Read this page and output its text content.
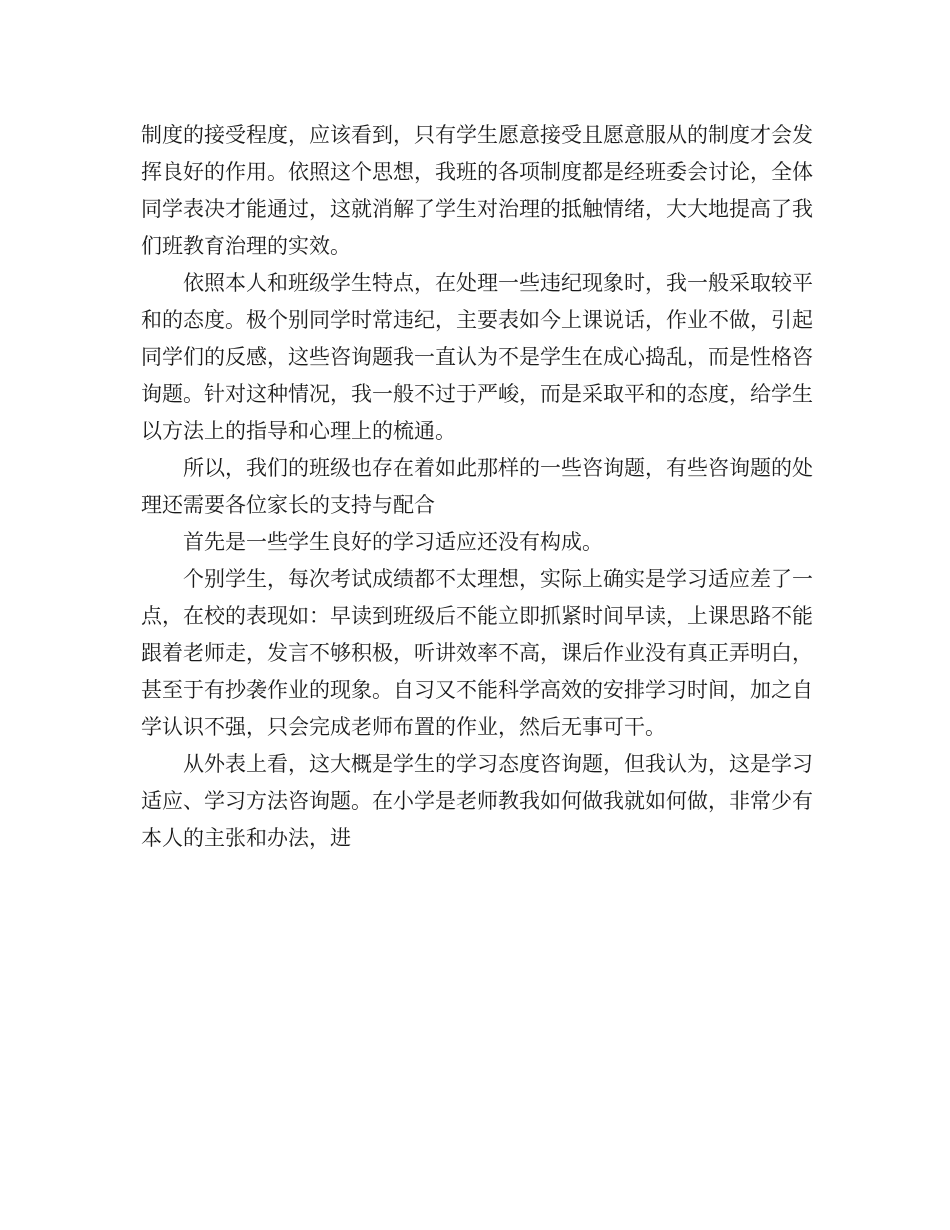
制度的接受程度，应该看到，只有学生愿意接受且愿意服从的制度才会发挥良好的作用。依照这个思想，我班的各项制度都是经班委会讨论，全体同学表决才能通过，这就消解了学生对治理的抵触情绪，大大地提高了我们班教育治理的实效。

依照本人和班级学生特点，在处理一些违纪现象时，我一般采取较平和的态度。极个别同学时常违纪，主要表如今上课说话，作业不做，引起同学们的反感，这些咨询题我一直认为不是学生在成心捣乱，而是性格咨询题。针对这种情况，我一般不过于严峻，而是采取平和的态度，给学生以方法上的指导和心理上的梳通。

所以，我们的班级也存在着如此那样的一些咨询题，有些咨询题的处理还需要各位家长的支持与配合

首先是一些学生良好的学习适应还没有构成。

个别学生，每次考试成绩都不太理想，实际上确实是学习适应差了一点，在校的表现如：早读到班级后不能立即抓紧时间早读，上课思路不能跟着老师走，发言不够积极，听讲效率不高，课后作业没有真正弄明白，甚至于有抄袭作业的现象。自习又不能科学高效的安排学习时间，加之自学认识不强，只会完成老师布置的作业，然后无事可干。

从外表上看，这大概是学生的学习态度咨询题，但我认为，这是学习适应、学习方法咨询题。在小学是老师教我如何做我就如何做，非常少有本人的主张和办法，进
